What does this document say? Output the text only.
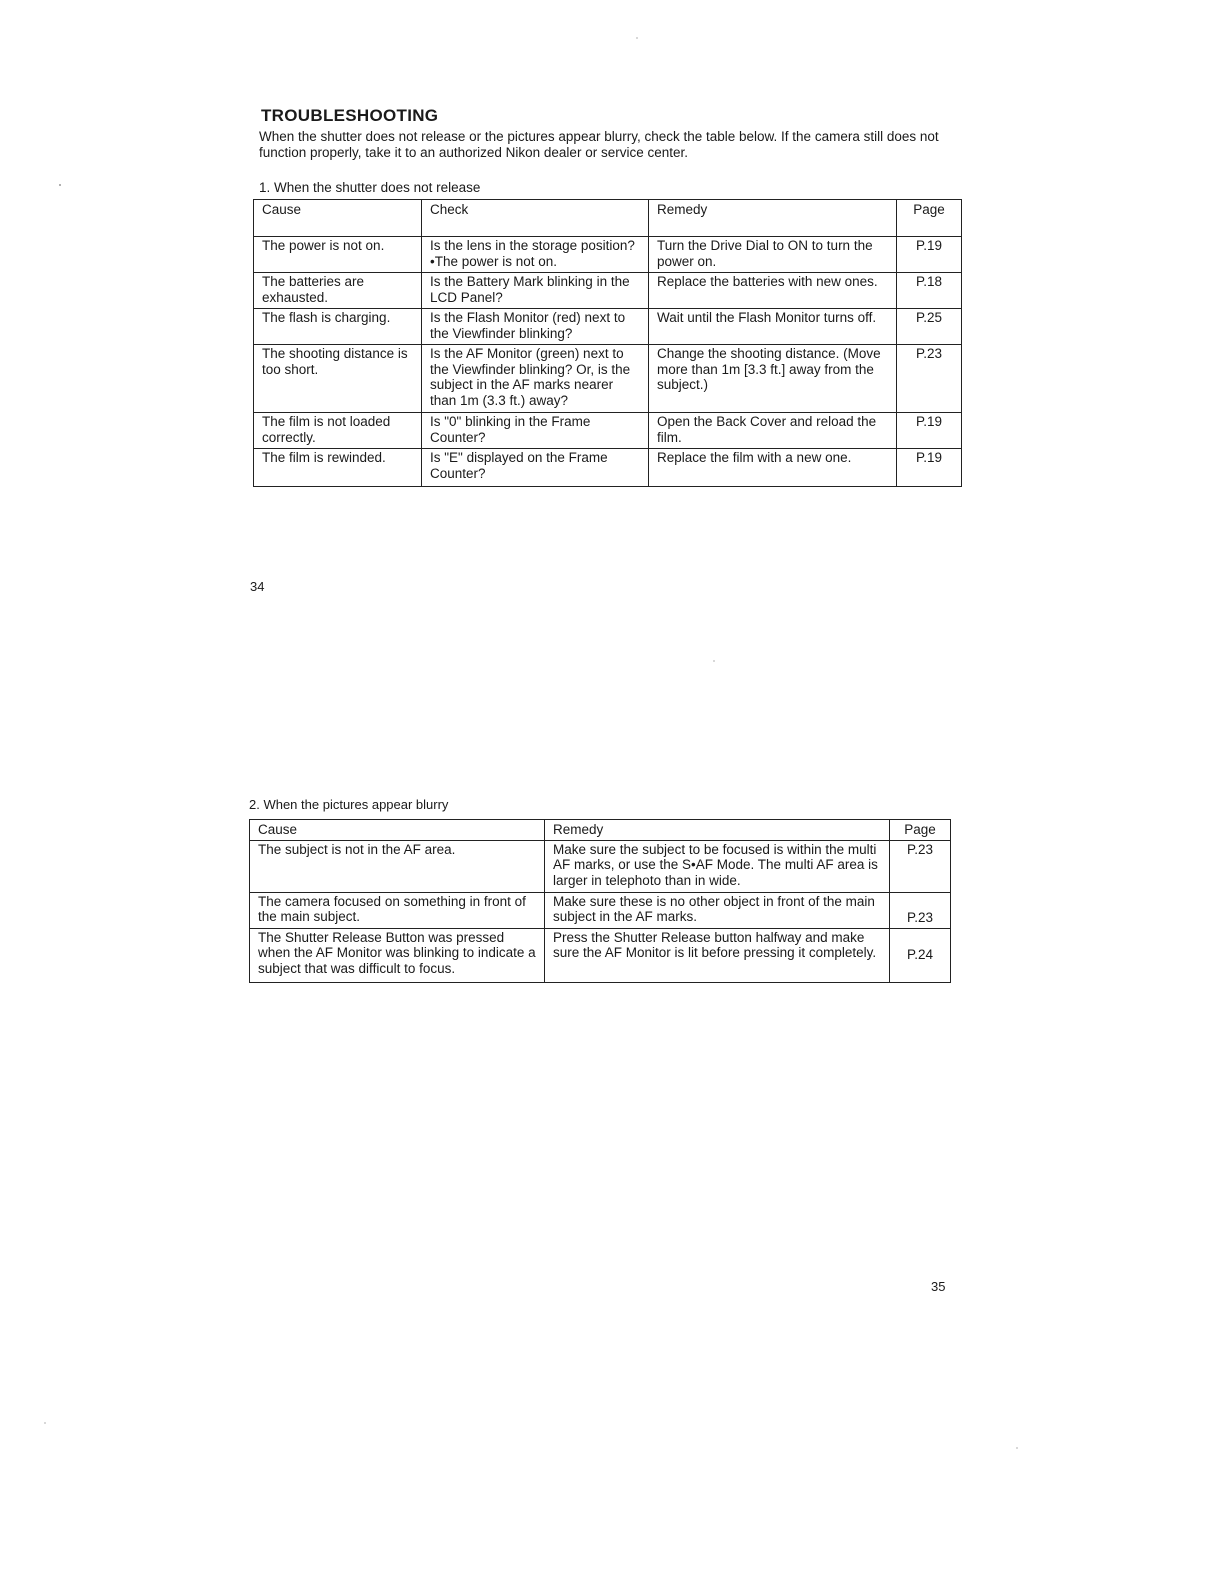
TROUBLESHOOTING
When the shutter does not release or the pictures appear blurry, check the table below. If the camera still does not function properly, take it to an authorized Nikon dealer or service center.
1. When the shutter does not release
Cause	Check	Remedy	Page
The power is not on.	Is the lens in the storage position? •The power is not on.	Turn the Drive Dial to ON to turn the power on.	P.19
The batteries are exhausted.	Is the Battery Mark blinking in the LCD Panel?	Replace the batteries with new ones.	P.18
The flash is charging.	Is the Flash Monitor (red) next to the Viewfinder blinking?	Wait until the Flash Monitor turns off.	P.25
The shooting distance is too short.	Is the AF Monitor (green) next to the Viewfinder blinking? Or, is the subject in the AF marks nearer than 1m (3.3 ft.) away?	Change the shooting distance. (Move more than 1m [3.3 ft.] away from the subject.)	P.23
The film is not loaded correctly.	Is "0" blinking in the Frame Counter?	Open the Back Cover and reload the film.	P.19
The film is rewinded.	Is "E" displayed on the Frame Counter?	Replace the film with a new one.	P.19
34
2. When the pictures appear blurry
Cause	Remedy	Page
The subject is not in the AF area.	Make sure the subject to be focused is within the multi AF marks, or use the S•AF Mode. The multi AF area is larger in telephoto than in wide.	P.23
The camera focused on something in front of the main subject.	Make sure these is no other object in front of the main subject in the AF marks.	P.23
The Shutter Release Button was pressed when the AF Monitor was blinking to indicate a subject that was difficult to focus.	Press the Shutter Release button halfway and make sure the AF Monitor is lit before pressing it completely.	P.24
35
